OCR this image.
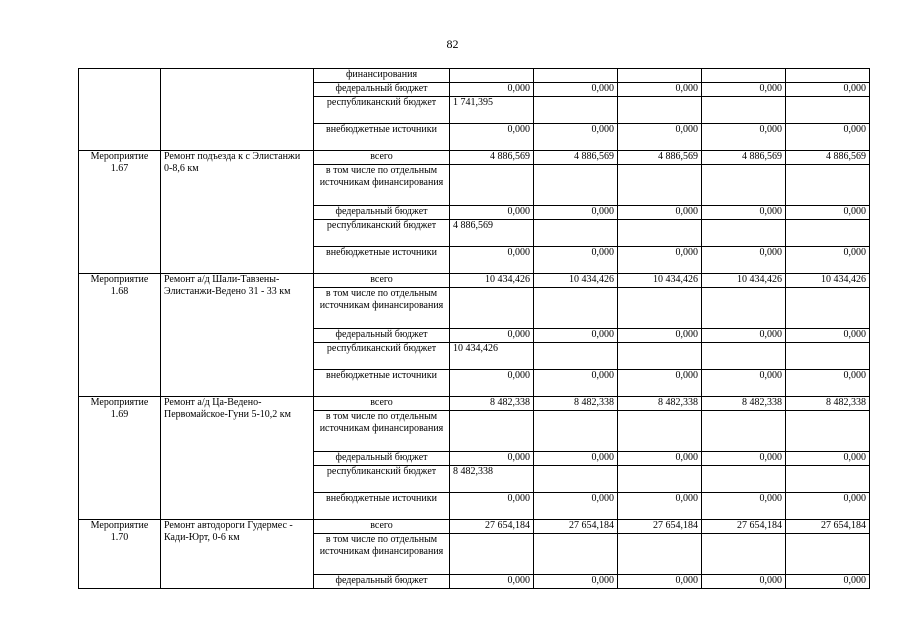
82
		финансирования					
		федеральный бюджет	0,000	0,000	0,000	0,000	0,000
		республиканский бюджет	1 741,395				
		внебюджетные источники	0,000	0,000	0,000	0,000	0,000
Мероприятие 1.67	Ремонт подъезда к с Элистанжи 0-8,6 км	всего	4 886,569	4 886,569	4 886,569	4 886,569	4 886,569
		в том числе по отдельным источникам финансирования					
		федеральный бюджет	0,000	0,000	0,000	0,000	0,000
		республиканский бюджет	4 886,569				
		внебюджетные источники	0,000	0,000	0,000	0,000	0,000
Мероприятие 1.68	Ремонт а/д Шали-Тавзены-Элистанжи-Ведено 31 - 33 км	всего	10 434,426	10 434,426	10 434,426	10 434,426	10 434,426
		в том числе по отдельным источникам финансирования					
		федеральный бюджет	0,000	0,000	0,000	0,000	0,000
		республиканский бюджет	10 434,426				
		внебюджетные источники	0,000	0,000	0,000	0,000	0,000
Мероприятие 1.69	Ремонт а/д Ца-Ведено-Первомайское-Гуни 5-10,2 км	всего	8 482,338	8 482,338	8 482,338	8 482,338	8 482,338
		в том числе по отдельным источникам финансирования					
		федеральный бюджет	0,000	0,000	0,000	0,000	0,000
		республиканский бюджет	8 482,338				
		внебюджетные источники	0,000	0,000	0,000	0,000	0,000
Мероприятие 1.70	Ремонт автодороги Гудермес - Кади-Юрт, 0-6 км	всего	27 654,184	27 654,184	27 654,184	27 654,184	27 654,184
		в том числе по отдельным источникам финансирования					
		федеральный бюджет	0,000	0,000	0,000	0,000	0,000
